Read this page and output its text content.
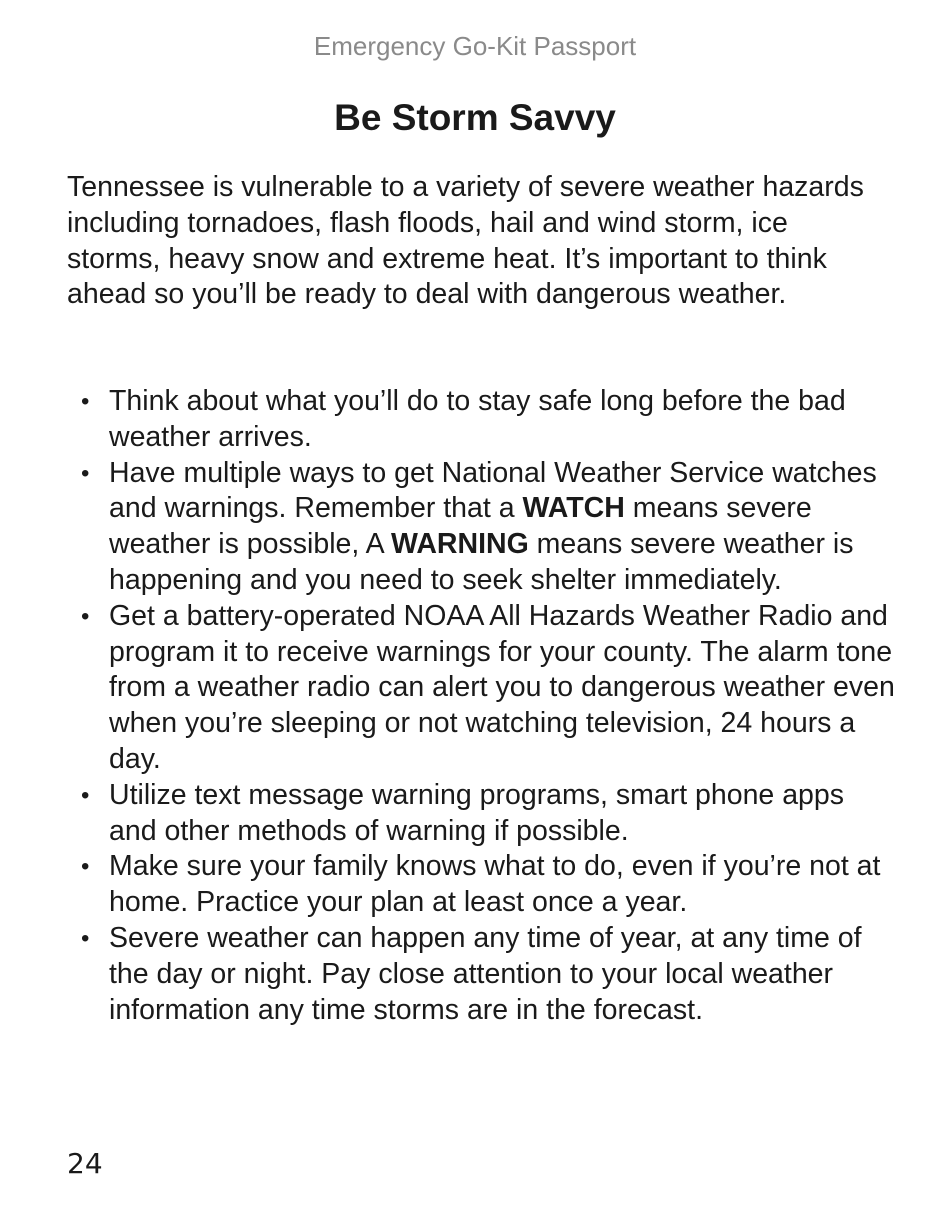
Emergency Go-Kit Passport
Be Storm Savvy

Tennessee is vulnerable to a variety of severe weather hazards including tornadoes, flash floods, hail and wind storm, ice storms, heavy snow and extreme heat. It’s important to think ahead so you’ll be ready to deal with dangerous weather.

• Think about what you’ll do to stay safe long before the bad weather arrives.
• Have multiple ways to get National Weather Service watches and warnings. Remember that a WATCH means severe weather is possible, A WARNING means severe weather is happening and you need to seek shelter immediately.
• Get a battery-operated NOAA All Hazards Weather Radio and program it to receive warnings for your county. The alarm tone from a weather radio can alert you to dangerous weather even when you’re sleeping or not watching television, 24 hours a day.
• Utilize text message warning programs, smart phone apps and other methods of warning if possible.
• Make sure your family knows what to do, even if you’re not at home. Practice your plan at least once a year.
• Severe weather can happen any time of year, at any time of the day or night. Pay close attention to your local weather information any time storms are in the forecast.
24
